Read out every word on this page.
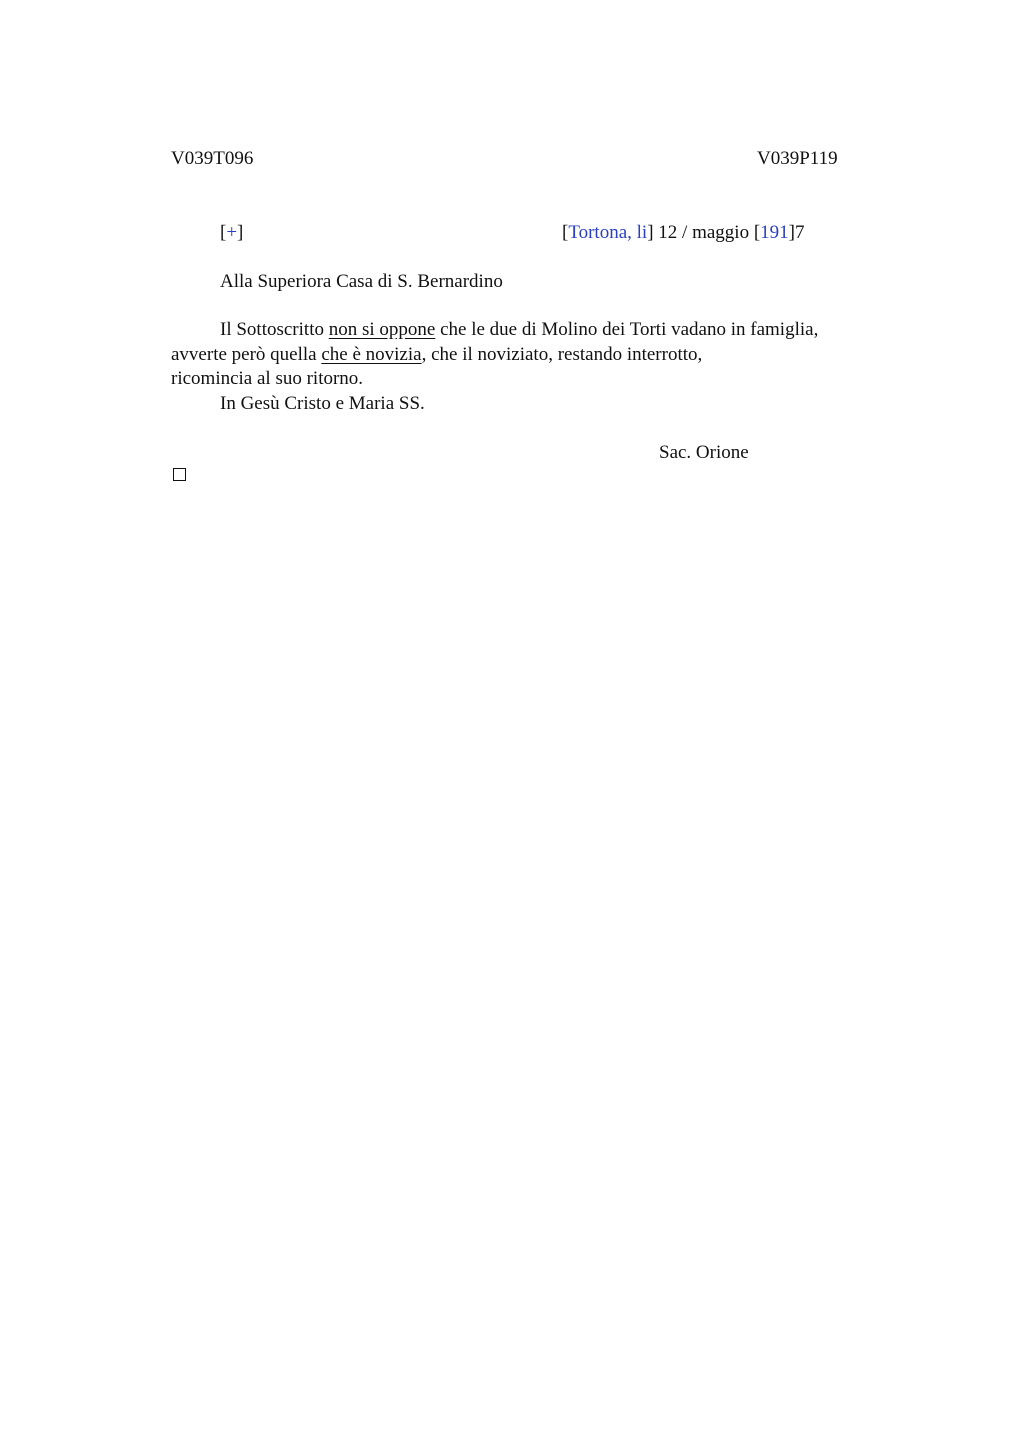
V039T096	V039P119
[+]	[Tortona, li] 12 / maggio [191]7
Alla Superiora Casa di S. Bernardino
Il Sottoscritto non si oppone che le due di Molino dei Torti vadano in famiglia,
avverte però quella che è novizia, che il noviziato, restando interrotto,
ricomincia al suo ritorno.
In Gesù Cristo e Maria SS.
Sac. Orione
